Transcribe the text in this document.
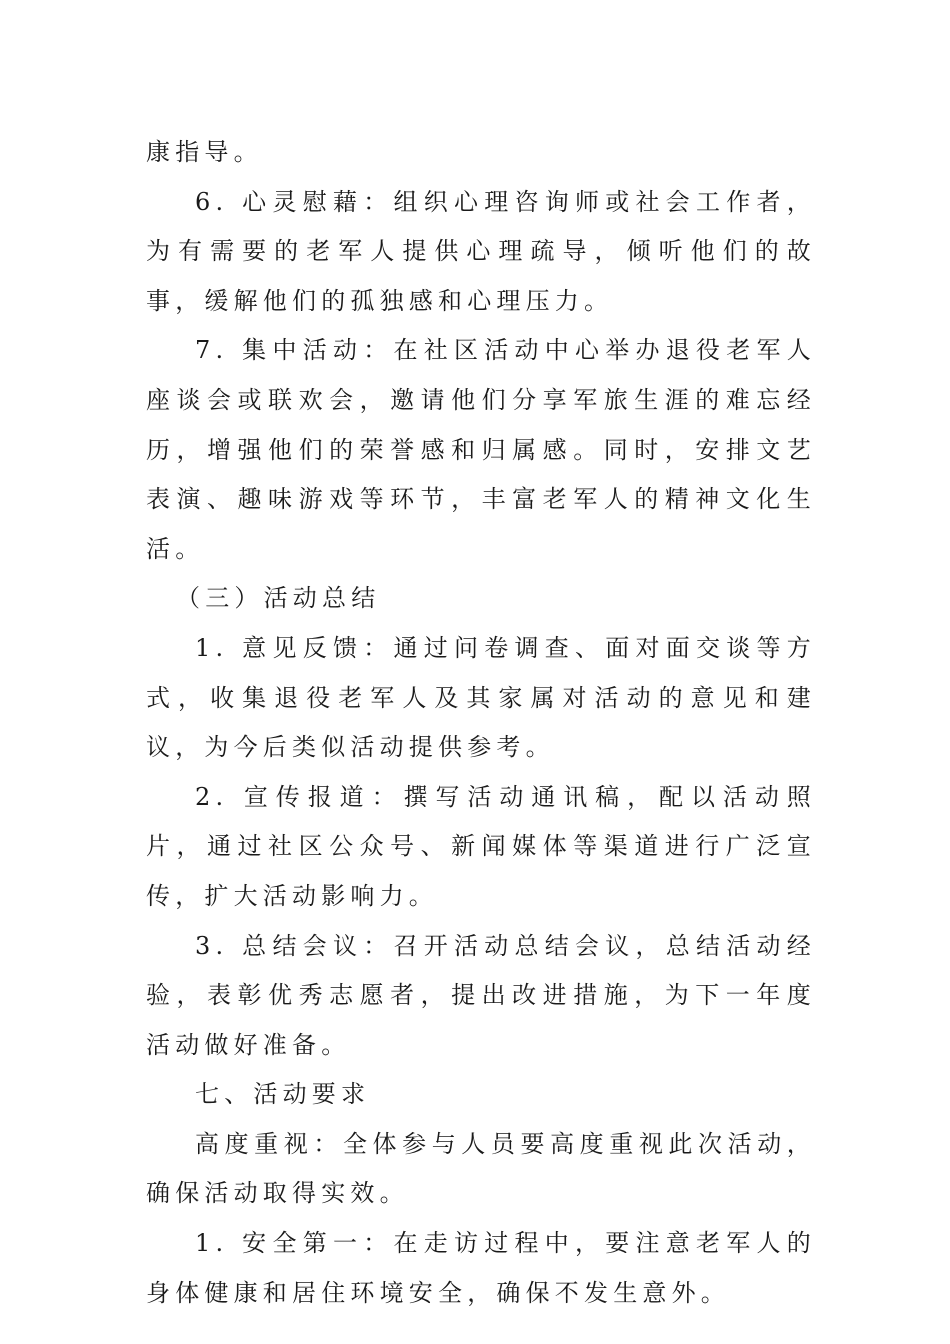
康指导。

6. 心灵慰藉：组织心理咨询师或社会工作者，为有需要的老军人提供心理疏导，倾听他们的故事，缓解他们的孤独感和心理压力。

7. 集中活动：在社区活动中心举办退役老军人座谈会或联欢会，邀请他们分享军旅生涯的难忘经历，增强他们的荣誉感和归属感。同时，安排文艺表演、趣味游戏等环节，丰富老军人的精神文化生活。

（三）活动总结

1. 意见反馈：通过问卷调查、面对面交谈等方式，收集退役老军人及其家属对活动的意见和建议，为今后类似活动提供参考。

2. 宣传报道：撰写活动通讯稿，配以活动照片，通过社区公众号、新闻媒体等渠道进行广泛宣传，扩大活动影响力。

3. 总结会议：召开活动总结会议，总结活动经验，表彰优秀志愿者，提出改进措施，为下一年度活动做好准备。

七、活动要求

高度重视：全体参与人员要高度重视此次活动，确保活动取得实效。

1. 安全第一：在走访过程中，要注意老军人的身体健康和居住环境安全，确保不发生意外。
